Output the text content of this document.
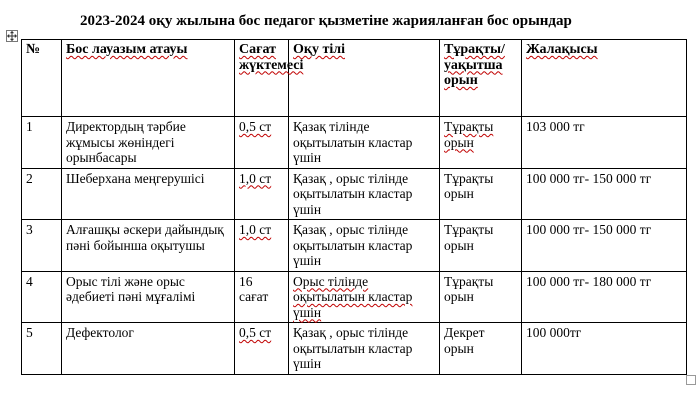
2023-2024 оқу жылына бос педагог қызметіне жарияланған бос орындар
№	Бос лауазым атауы	Сағат жүктемесі	Оқу тілі	Тұрақты/ уақытша орын	Жалақысы
1	Директордың тәрбие жұмысы жөніндегі орынбасары	0,5 ст	Қазақ тілінде оқытылатын кластар үшін	Тұрақты орын	103 000 тг
2	Шеберхана меңгерушісі	1,0 ст	Қазақ , орыс тілінде оқытылатын кластар үшін	Тұрақты орын	100 000 тг- 150 000 тг
3	Алғашқы әскери дайындық пәні бойынша оқытушы	1,0 ст	Қазақ , орыс тілінде оқытылатын кластар үшін	Тұрақты орын	100 000 тг- 150 000 тг
4	Орыс тілі және орыс әдебиеті пәні мұғалімі	16 сағат	Орыс тілінде оқытылатын кластар үшін	Тұрақты орын	100 000 тг- 180 000 тг
5	Дефектолог	0,5 ст	Қазақ , орыс тілінде оқытылатын кластар үшін	Декрет орын	100 000тг
